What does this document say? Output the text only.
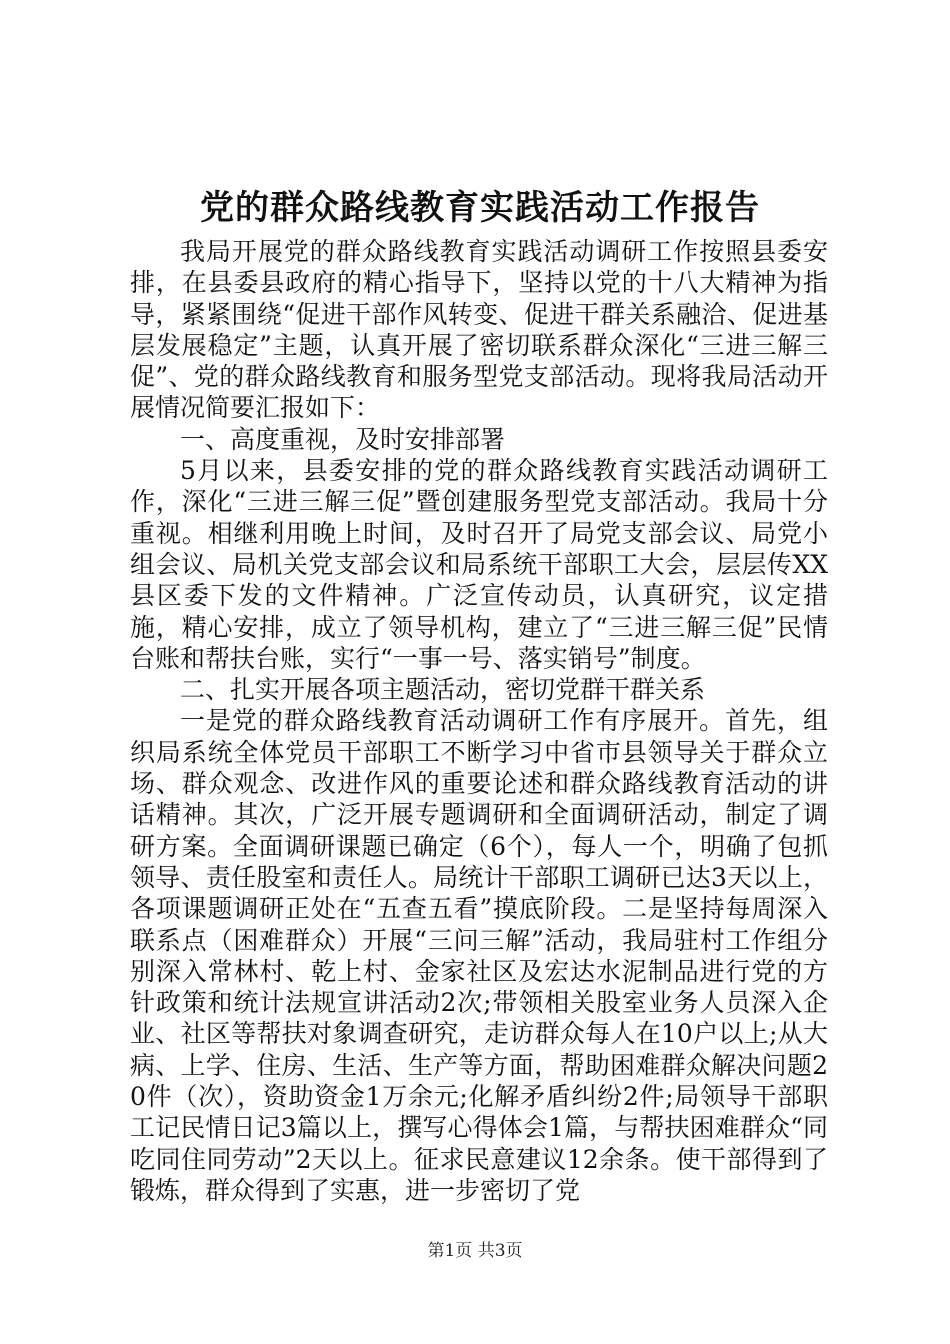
党的群众路线教育实践活动工作报告

我局开展党的群众路线教育实践活动调研工作按照县委安排，在县委县政府的精心指导下，坚持以党的十八大精神为指导，紧紧围绕“促进干部作风转变、促进干群关系融洽、促进基层发展稳定”主题，认真开展了密切联系群众深化“三进三解三促”、党的群众路线教育和服务型党支部活动。现将我局活动开展情况简要汇报如下：

一、高度重视，及时安排部署

5月以来，县委安排的党的群众路线教育实践活动调研工作，深化“三进三解三促”暨创建服务型党支部活动。我局十分重视。相继利用晚上时间，及时召开了局党支部会议、局党小组会议、局机关党支部会议和局系统干部职工大会，层层传XX县区委下发的文件精神。广泛宣传动员，认真研究，议定措施，精心安排，成立了领导机构，建立了“三进三解三促”民情台账和帮扶台账，实行“一事一号、落实销号”制度。

二、扎实开展各项主题活动，密切党群干群关系

一是党的群众路线教育活动调研工作有序展开。首先，组织局系统全体党员干部职工不断学习中省市县领导关于群众立场、群众观念、改进作风的重要论述和群众路线教育活动的讲话精神。其次，广泛开展专题调研和全面调研活动，制定了调研方案。全面调研课题已确定（6个），每人一个，明确了包抓领导、责任股室和责任人。局统计干部职工调研已达3天以上，各项课题调研正处在“五查五看”摸底阶段。二是坚持每周深入联系点（困难群众）开展“三问三解”活动，我局驻村工作组分别深入常林村、乾上村、金家社区及宏达水泥制品进行党的方针政策和统计法规宣讲活动2次;带领相关股室业务人员深入企业、社区等帮扶对象调查研究，走访群众每人在10户以上;从大病、上学、住房、生活、生产等方面，帮助困难群众解决问题20件（次），资助资金1万余元;化解矛盾纠纷2件;局领导干部职工记民情日记3篇以上，撰写心得体会1篇，与帮扶困难群众“同吃同住同劳动”2天以上。征求民意建议12余条。使干部得到了锻炼，群众得到了实惠，进一步密切了党

第1页 共3页
